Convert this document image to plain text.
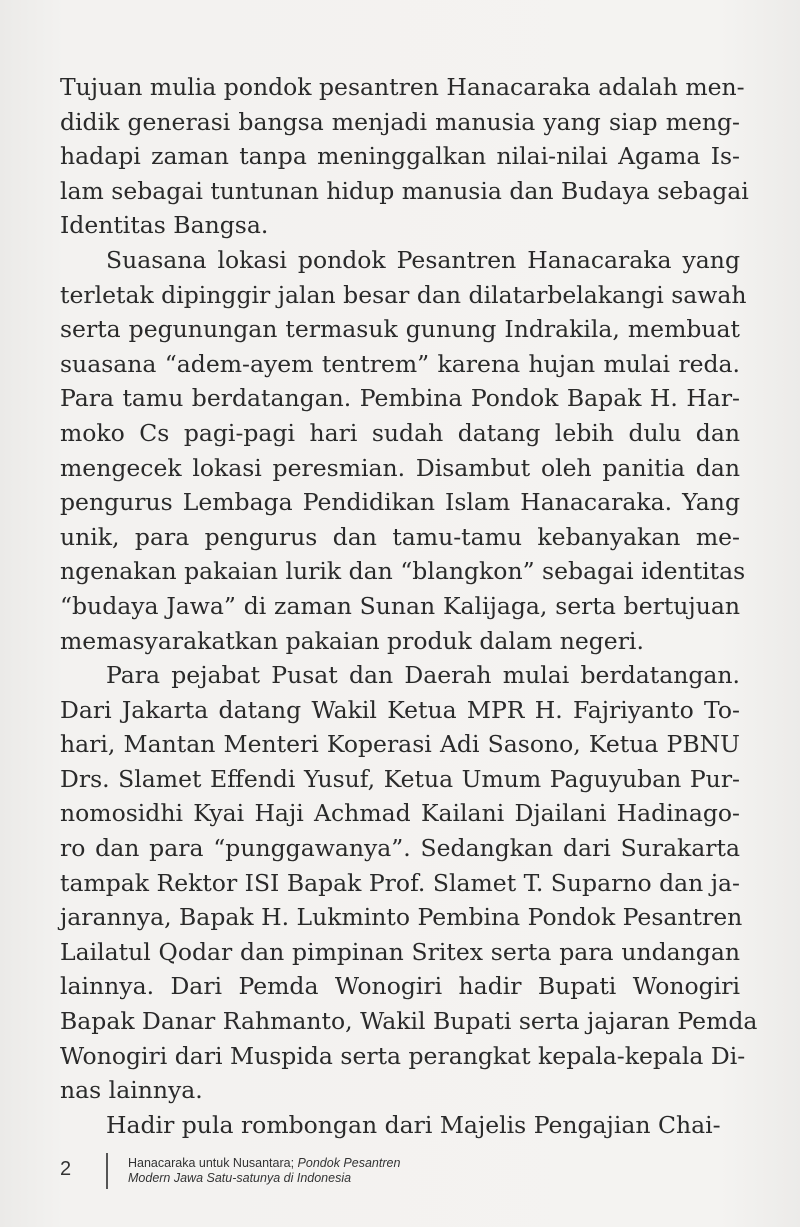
Tujuan mulia pondok pesantren Hanacaraka adalah men-
didik generasi bangsa menjadi manusia yang siap meng-
hadapi zaman tanpa meninggalkan nilai-nilai Agama Is-
lam sebagai tuntunan hidup manusia dan Budaya sebagai
Identitas Bangsa.
Suasana lokasi pondok Pesantren Hanacaraka yang
terletak dipinggir jalan besar dan dilatarbelakangi sawah
serta pegunungan termasuk gunung Indrakila, membuat
suasana “adem-ayem tentrem” karena hujan mulai reda.
Para tamu berdatangan. Pembina Pondok Bapak H. Har-
moko Cs pagi-pagi hari sudah datang lebih dulu dan
mengecek lokasi peresmian. Disambut oleh panitia dan
pengurus Lembaga Pendidikan Islam Hanacaraka. Yang
unik, para pengurus dan tamu-tamu kebanyakan me-
ngenakan pakaian lurik dan “blangkon” sebagai identitas
“budaya Jawa” di zaman Sunan Kalijaga, serta bertujuan
memasyarakatkan pakaian produk dalam negeri.
Para pejabat Pusat dan Daerah mulai berdatangan.
Dari Jakarta datang Wakil Ketua MPR H. Fajriyanto To-
hari, Mantan Menteri Koperasi Adi Sasono, Ketua PBNU
Drs. Slamet Effendi Yusuf, Ketua Umum Paguyuban Pur-
nomosidhi Kyai Haji Achmad Kailani Djailani Hadinago-
ro dan para “punggawanya”. Sedangkan dari Surakarta
tampak Rektor ISI Bapak Prof. Slamet T. Suparno dan ja-
jarannya, Bapak H. Lukminto Pembina Pondok Pesantren
Lailatul Qodar dan pimpinan Sritex serta para undangan
lainnya. Dari Pemda Wonogiri hadir Bupati Wonogiri
Bapak Danar Rahmanto, Wakil Bupati serta jajaran Pemda
Wonogiri dari Muspida serta perangkat kepala-kepala Di-
nas lainnya.
Hadir pula rombongan dari Majelis Pengajian Chai-
2	Hanacaraka untuk Nusantara; Pondok Pesantren
Modern Jawa Satu-satunya di Indonesia
